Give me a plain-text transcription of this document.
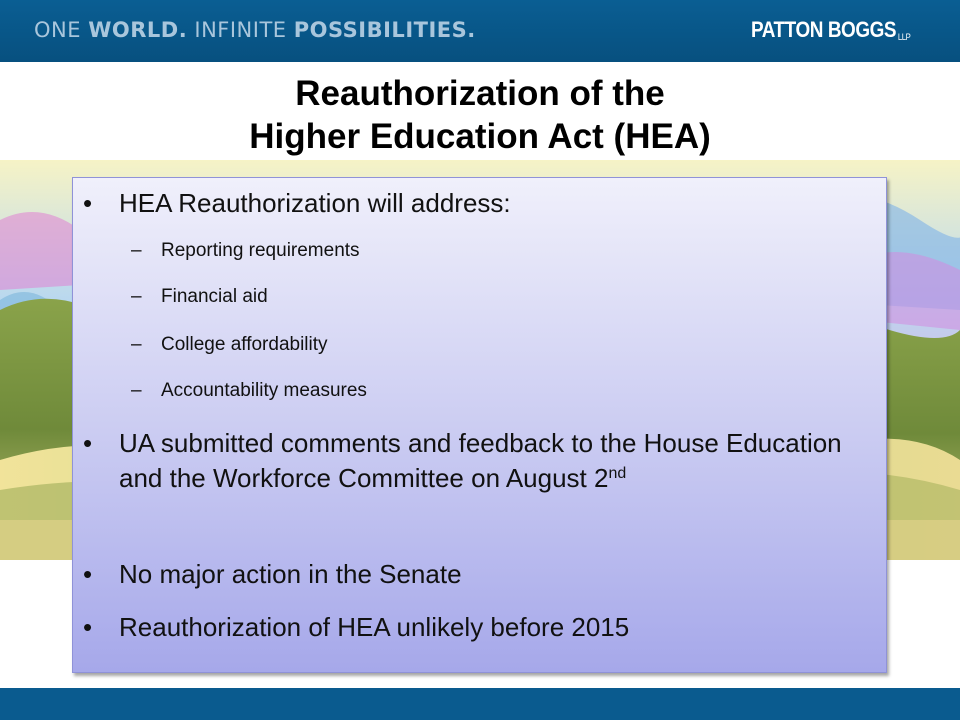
ONE WORLD. INFINITE POSSIBILITIES.	PATTON BOGGS LLP
Reauthorization of the
Higher Education Act (HEA)
• HEA Reauthorization will address:
– Reporting requirements
– Financial aid
– College affordability
– Accountability measures
• UA submitted comments and feedback to the House Education and the Workforce Committee on August 2nd
• No major action in the Senate
• Reauthorization of HEA unlikely before 2015
